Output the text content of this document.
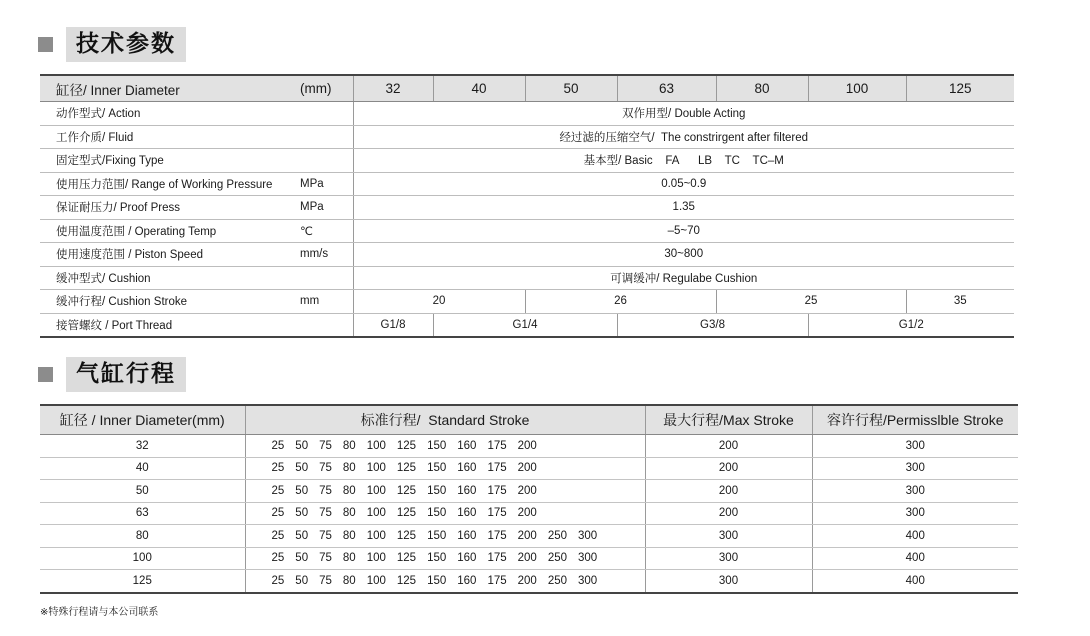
技术参数
缸径/ Inner Diameter	(mm)	32	40	50	63	80	100	125
动作型式/ Action		双作用型/ Double Acting						
工作介质/ Fluid		经过滤的压缩空气/  The constrirgent after filtered						
固定型式/Fixing Type		基本型/ Basic    FA      LB    TC    TC–M						
使用压力范围/ Range of Working Pressure	MPa	0.05~0.9						
保证耐压力/ Proof Press	MPa	1.35						
使用温度范围 / Operating Temp	℃	–5~70						
使用速度范围 / Piston Speed	mm/s	30~800						
缓冲型式/ Cushion		可调缓冲/ Regulabe Cushion						
缓冲行程/ Cushion Stroke	mm	20		26		25		35
接管螺纹 / Port Thread		G1/8	G1/4		G3/8		G1/2	
气缸行程
缸径 / Inner Diameter(mm)	标准行程/  Standard Stroke	最大行程/Max Stroke	容许行程/Permisslble Stroke
32	25 50 75 80 100 125 150 160 175 200	200	300
40	25 50 75 80 100 125 150 160 175 200	200	300
50	25 50 75 80 100 125 150 160 175 200	200	300
63	25 50 75 80 100 125 150 160 175 200	200	300
80	25 50 75 80 100 125 150 160 175 200 250 300	300	400
100	25 50 75 80 100 125 150 160 175 200 250 300	300	400
125	25 50 75 80 100 125 150 160 175 200 250 300	300	400
※特殊行程请与本公司联系
